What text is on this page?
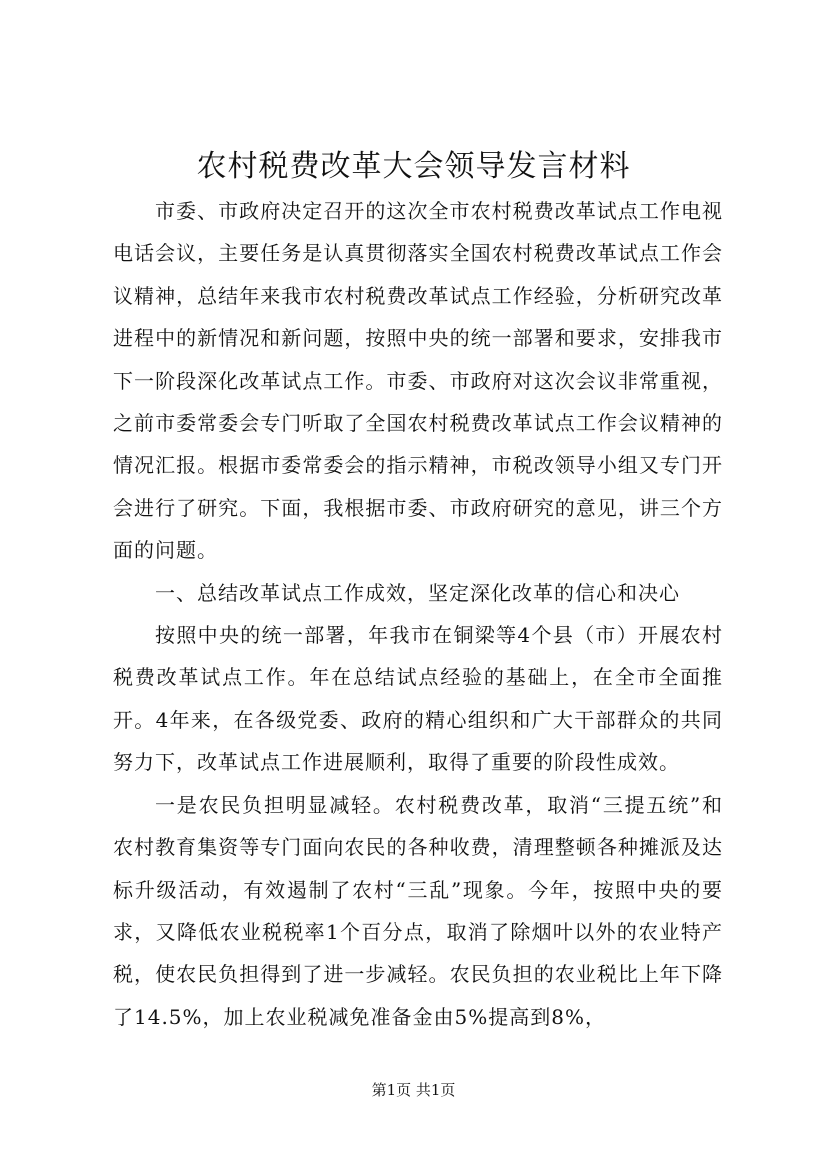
农村税费改革大会领导发言材料

市委、市政府决定召开的这次全市农村税费改革试点工作电视电话会议，主要任务是认真贯彻落实全国农村税费改革试点工作会议精神，总结年来我市农村税费改革试点工作经验，分析研究改革进程中的新情况和新问题，按照中央的统一部署和要求，安排我市下一阶段深化改革试点工作。市委、市政府对这次会议非常重视，之前市委常委会专门听取了全国农村税费改革试点工作会议精神的情况汇报。根据市委常委会的指示精神，市税改领导小组又专门开会进行了研究。下面，我根据市委、市政府研究的意见，讲三个方面的问题。

一、总结改革试点工作成效，坚定深化改革的信心和决心

按照中央的统一部署，年我市在铜梁等4个县（市）开展农村税费改革试点工作。年在总结试点经验的基础上，在全市全面推开。4年来，在各级党委、政府的精心组织和广大干部群众的共同努力下，改革试点工作进展顺利，取得了重要的阶段性成效。

一是农民负担明显减轻。农村税费改革，取消“三提五统”和农村教育集资等专门面向农民的各种收费，清理整顿各种摊派及达标升级活动，有效遏制了农村“三乱”现象。今年，按照中央的要求，又降低农业税税率1个百分点，取消了除烟叶以外的农业特产税，使农民负担得到了进一步减轻。农民负担的农业税比上年下降了14.5%，加上农业税减免准备金由5%提高到8%，

第1页 共1页
